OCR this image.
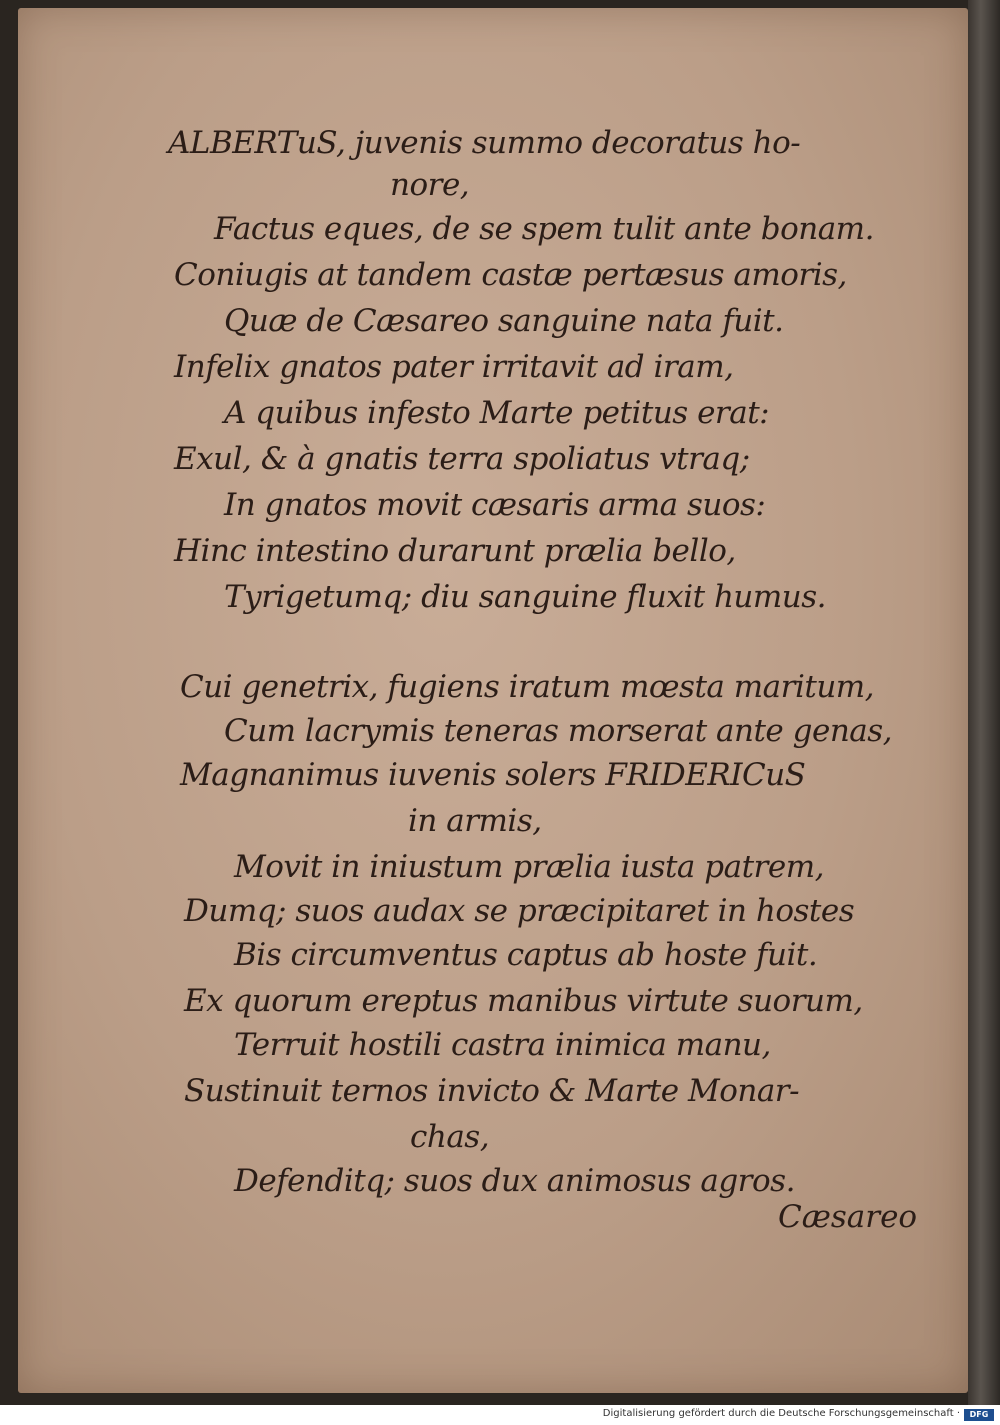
ALBERTuS, juvenis summo decoratus ho-
nore,
Factus eques, de se spem tulit ante bonam.
Coniugis at tandem castæ pertæsus amoris,
Quæ de Cæsareo sanguine nata fuit.
Infelix gnatos pater irritavit ad iram,
A quibus infesto Marte petitus erat:
Exul, & à gnatis terra spoliatus vtraq;
In gnatos movit cæsaris arma suos:
Hinc intestino durarunt prælia bello,
Tyrigetumq; diu sanguine fluxit humus.
Cui genetrix, fugiens iratum mœsta maritum,
Cum lacrymis teneras morserat ante genas,
Magnanimus iuvenis solers FRIDERICuS
in armis,
Movit in iniustum prælia iusta patrem,
Dumq; suos audax se præcipitaret in hostes
Bis circumventus captus ab hoste fuit.
Ex quorum ereptus manibus virtute suorum,
Terruit hostili castra inimica manu,
Sustinuit ternos invicto & Marte Monar-
chas,
Defenditq; suos dux animosus agros.
Cæsareo
Digitalisierung gefördert durch die Deutsche Forschungsgemeinschaft ·	DFG
